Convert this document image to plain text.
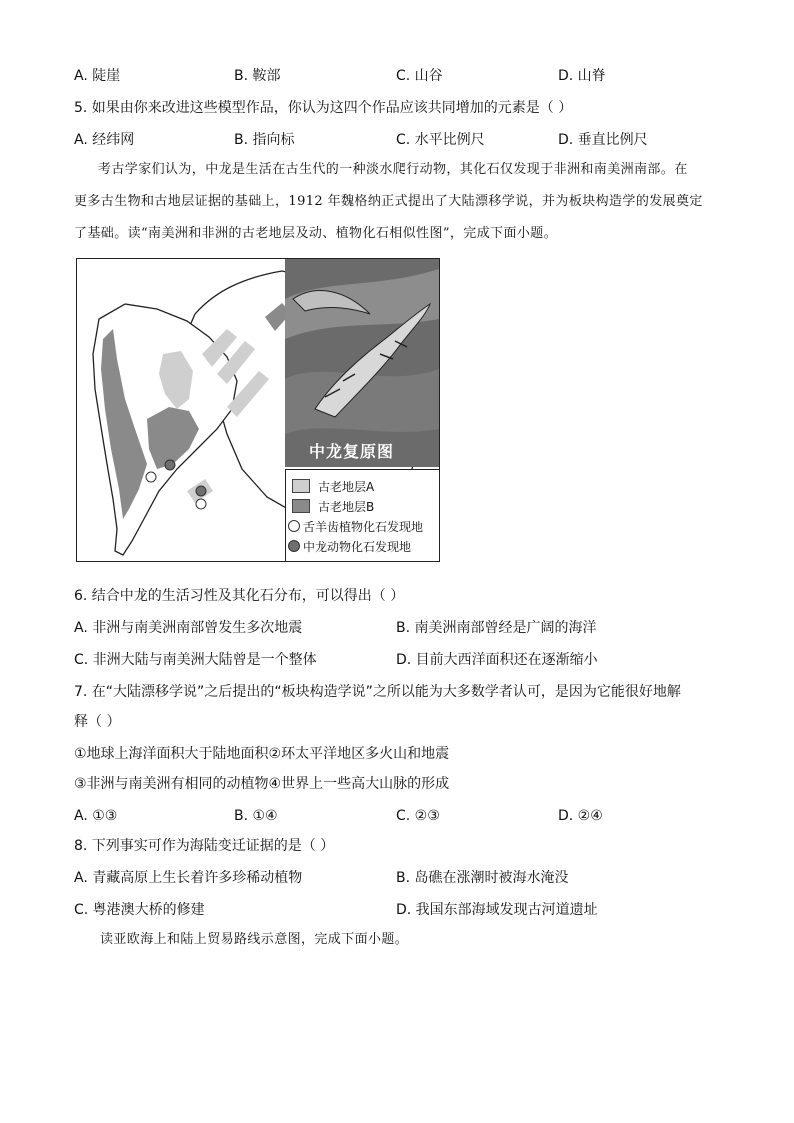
A. 陡崖	B. 鞍部	C. 山谷	D. 山脊
5. 如果由你来改进这些模型作品，你认为这四个作品应该共同增加的元素是（ ）
A. 经纬网	B. 指向标	C. 水平比例尺	D. 垂直比例尺
考古学家们认为，中龙是生活在古生代的一种淡水爬行动物，其化石仅发现于非洲和南美洲南部。在
更多古生物和古地层证据的基础上，1912 年魏格纳正式提出了大陆漂移学说，并为板块构造学的发展奠定
了基础。读“南美洲和非洲的古老地层及动、植物化石相似性图”，完成下面小题。
中龙复原图
古老地层A
古老地层B
舌羊齿植物化石发现地
中龙动物化石发现地
6. 结合中龙的生活习性及其化石分布，可以得出（ ）
A. 非洲与南美洲南部曾发生多次地震	B. 南美洲南部曾经是广阔的海洋
C. 非洲大陆与南美洲大陆曾是一个整体	D. 目前大西洋面积还在逐渐缩小
7. 在“大陆漂移学说”之后提出的“板块构造学说”之所以能为大多数学者认可，是因为它能很好地解
释（ ）
①地球上海洋面积大于陆地面积②环太平洋地区多火山和地震
③非洲与南美洲有相同的动植物④世界上一些高大山脉的形成
A. ①③	B. ①④	C. ②③	D. ②④
8. 下列事实可作为海陆变迁证据的是（ ）
A. 青藏高原上生长着许多珍稀动植物	B. 岛礁在涨潮时被海水淹没
C. 粤港澳大桥的修建	D. 我国东部海域发现古河道遗址
读亚欧海上和陆上贸易路线示意图，完成下面小题。
